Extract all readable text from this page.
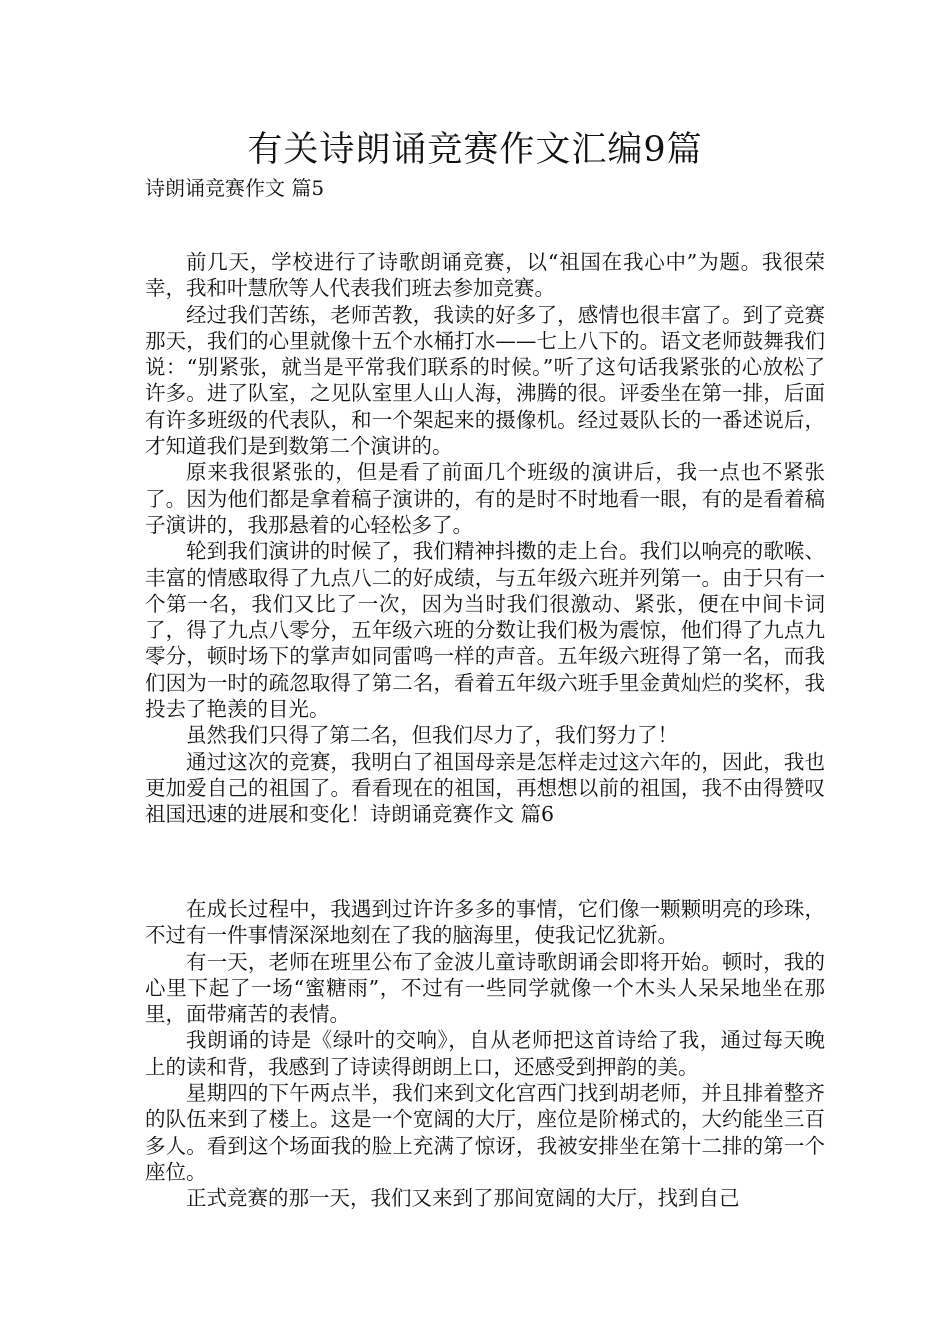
有关诗朗诵竞赛作文汇编9篇
诗朗诵竞赛作文 篇5

前几天，学校进行了诗歌朗诵竞赛，以“祖国在我心中”为题。我很荣幸，我和叶慧欣等人代表我们班去参加竞赛。

经过我们苦练，老师苦教，我读的好多了，感情也很丰富了。到了竞赛那天，我们的心里就像十五个水桶打水——七上八下的。语文老师鼓舞我们说：“别紧张，就当是平常我们联系的时候。”听了这句话我紧张的心放松了许多。进了队室，之见队室里人山人海，沸腾的很。评委坐在第一排，后面有许多班级的代表队，和一个架起来的摄像机。经过聂队长的一番述说后，才知道我们是到数第二个演讲的。

原来我很紧张的，但是看了前面几个班级的演讲后，我一点也不紧张了。因为他们都是拿着稿子演讲的，有的是时不时地看一眼，有的是看着稿子演讲的，我那悬着的心轻松多了。

轮到我们演讲的时候了，我们精神抖擞的走上台。我们以响亮的歌喉、丰富的情感取得了九点八二的好成绩，与五年级六班并列第一。由于只有一个第一名，我们又比了一次，因为当时我们很激动、紧张，便在中间卡词了，得了九点八零分，五年级六班的分数让我们极为震惊，他们得了九点九零分，顿时场下的掌声如同雷鸣一样的声音。五年级六班得了第一名，而我们因为一时的疏忽取得了第二名，看着五年级六班手里金黄灿烂的奖杯，我投去了艳羡的目光。

虽然我们只得了第二名，但我们尽力了，我们努力了！

通过这次的竞赛，我明白了祖国母亲是怎样走过这六年的，因此，我也更加爱自己的祖国了。看看现在的祖国，再想想以前的祖国，我不由得赞叹祖国迅速的进展和变化！诗朗诵竞赛作文 篇6

在成长过程中，我遇到过许许多多的事情，它们像一颗颗明亮的珍珠，不过有一件事情深深地刻在了我的脑海里，使我记忆犹新。

有一天，老师在班里公布了金波儿童诗歌朗诵会即将开始。顿时，我的心里下起了一场“蜜糖雨”，不过有一些同学就像一个木头人呆呆地坐在那里，面带痛苦的表情。

我朗诵的诗是《绿叶的交响》，自从老师把这首诗给了我，通过每天晚上的读和背，我感到了诗读得朗朗上口，还感受到押韵的美。

星期四的下午两点半，我们来到文化宫西门找到胡老师，并且排着整齐的队伍来到了楼上。这是一个宽阔的大厅，座位是阶梯式的，大约能坐三百多人。看到这个场面我的脸上充满了惊讶，我被安排坐在第十二排的第一个座位。

正式竞赛的那一天，我们又来到了那间宽阔的大厅，找到自己
